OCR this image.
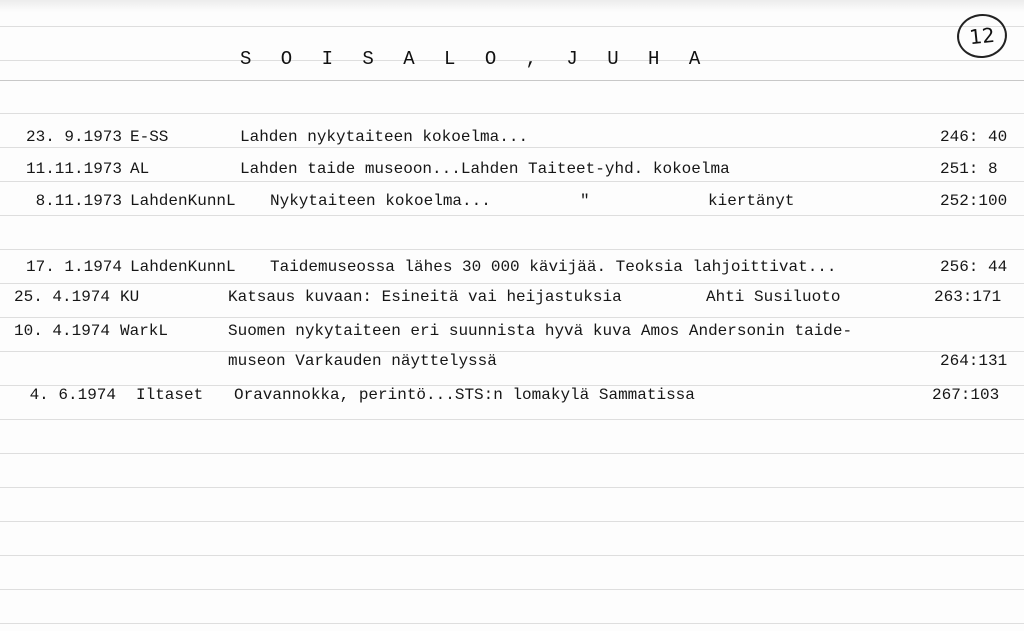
S O I S A L O , J U H A
12
23. 9.1973 E-SS	Lahden nykytaiteen kokoelma...	246: 40
11.11.1973 AL	Lahden taide museoon...Lahden Taiteet-yhd. kokoelma	251: 8
8.11.1973 LahdenKunnL Nykytaiteen kokoelma...	"	kiertänyt	252:100
17. 1.1974 LahdenKunnL Taidemuseossa lähes 30 000 kävijää. Teoksia lahjoittivat...	256: 44
25. 4.1974 KU	Katsaus kuvaan: Esineitä vai heijastuksia	Ahti Susiluoto	263:171
10. 4.1974 WarkL	Suomen nykytaiteen eri suunnista hyvä kuva Amos Andersonin taide-
museon Varkauden näyttelyssä	264:131
4. 6.1974 Iltaset Oravannokka, perintö...STS:n lomakylä Sammatissa	267:103
